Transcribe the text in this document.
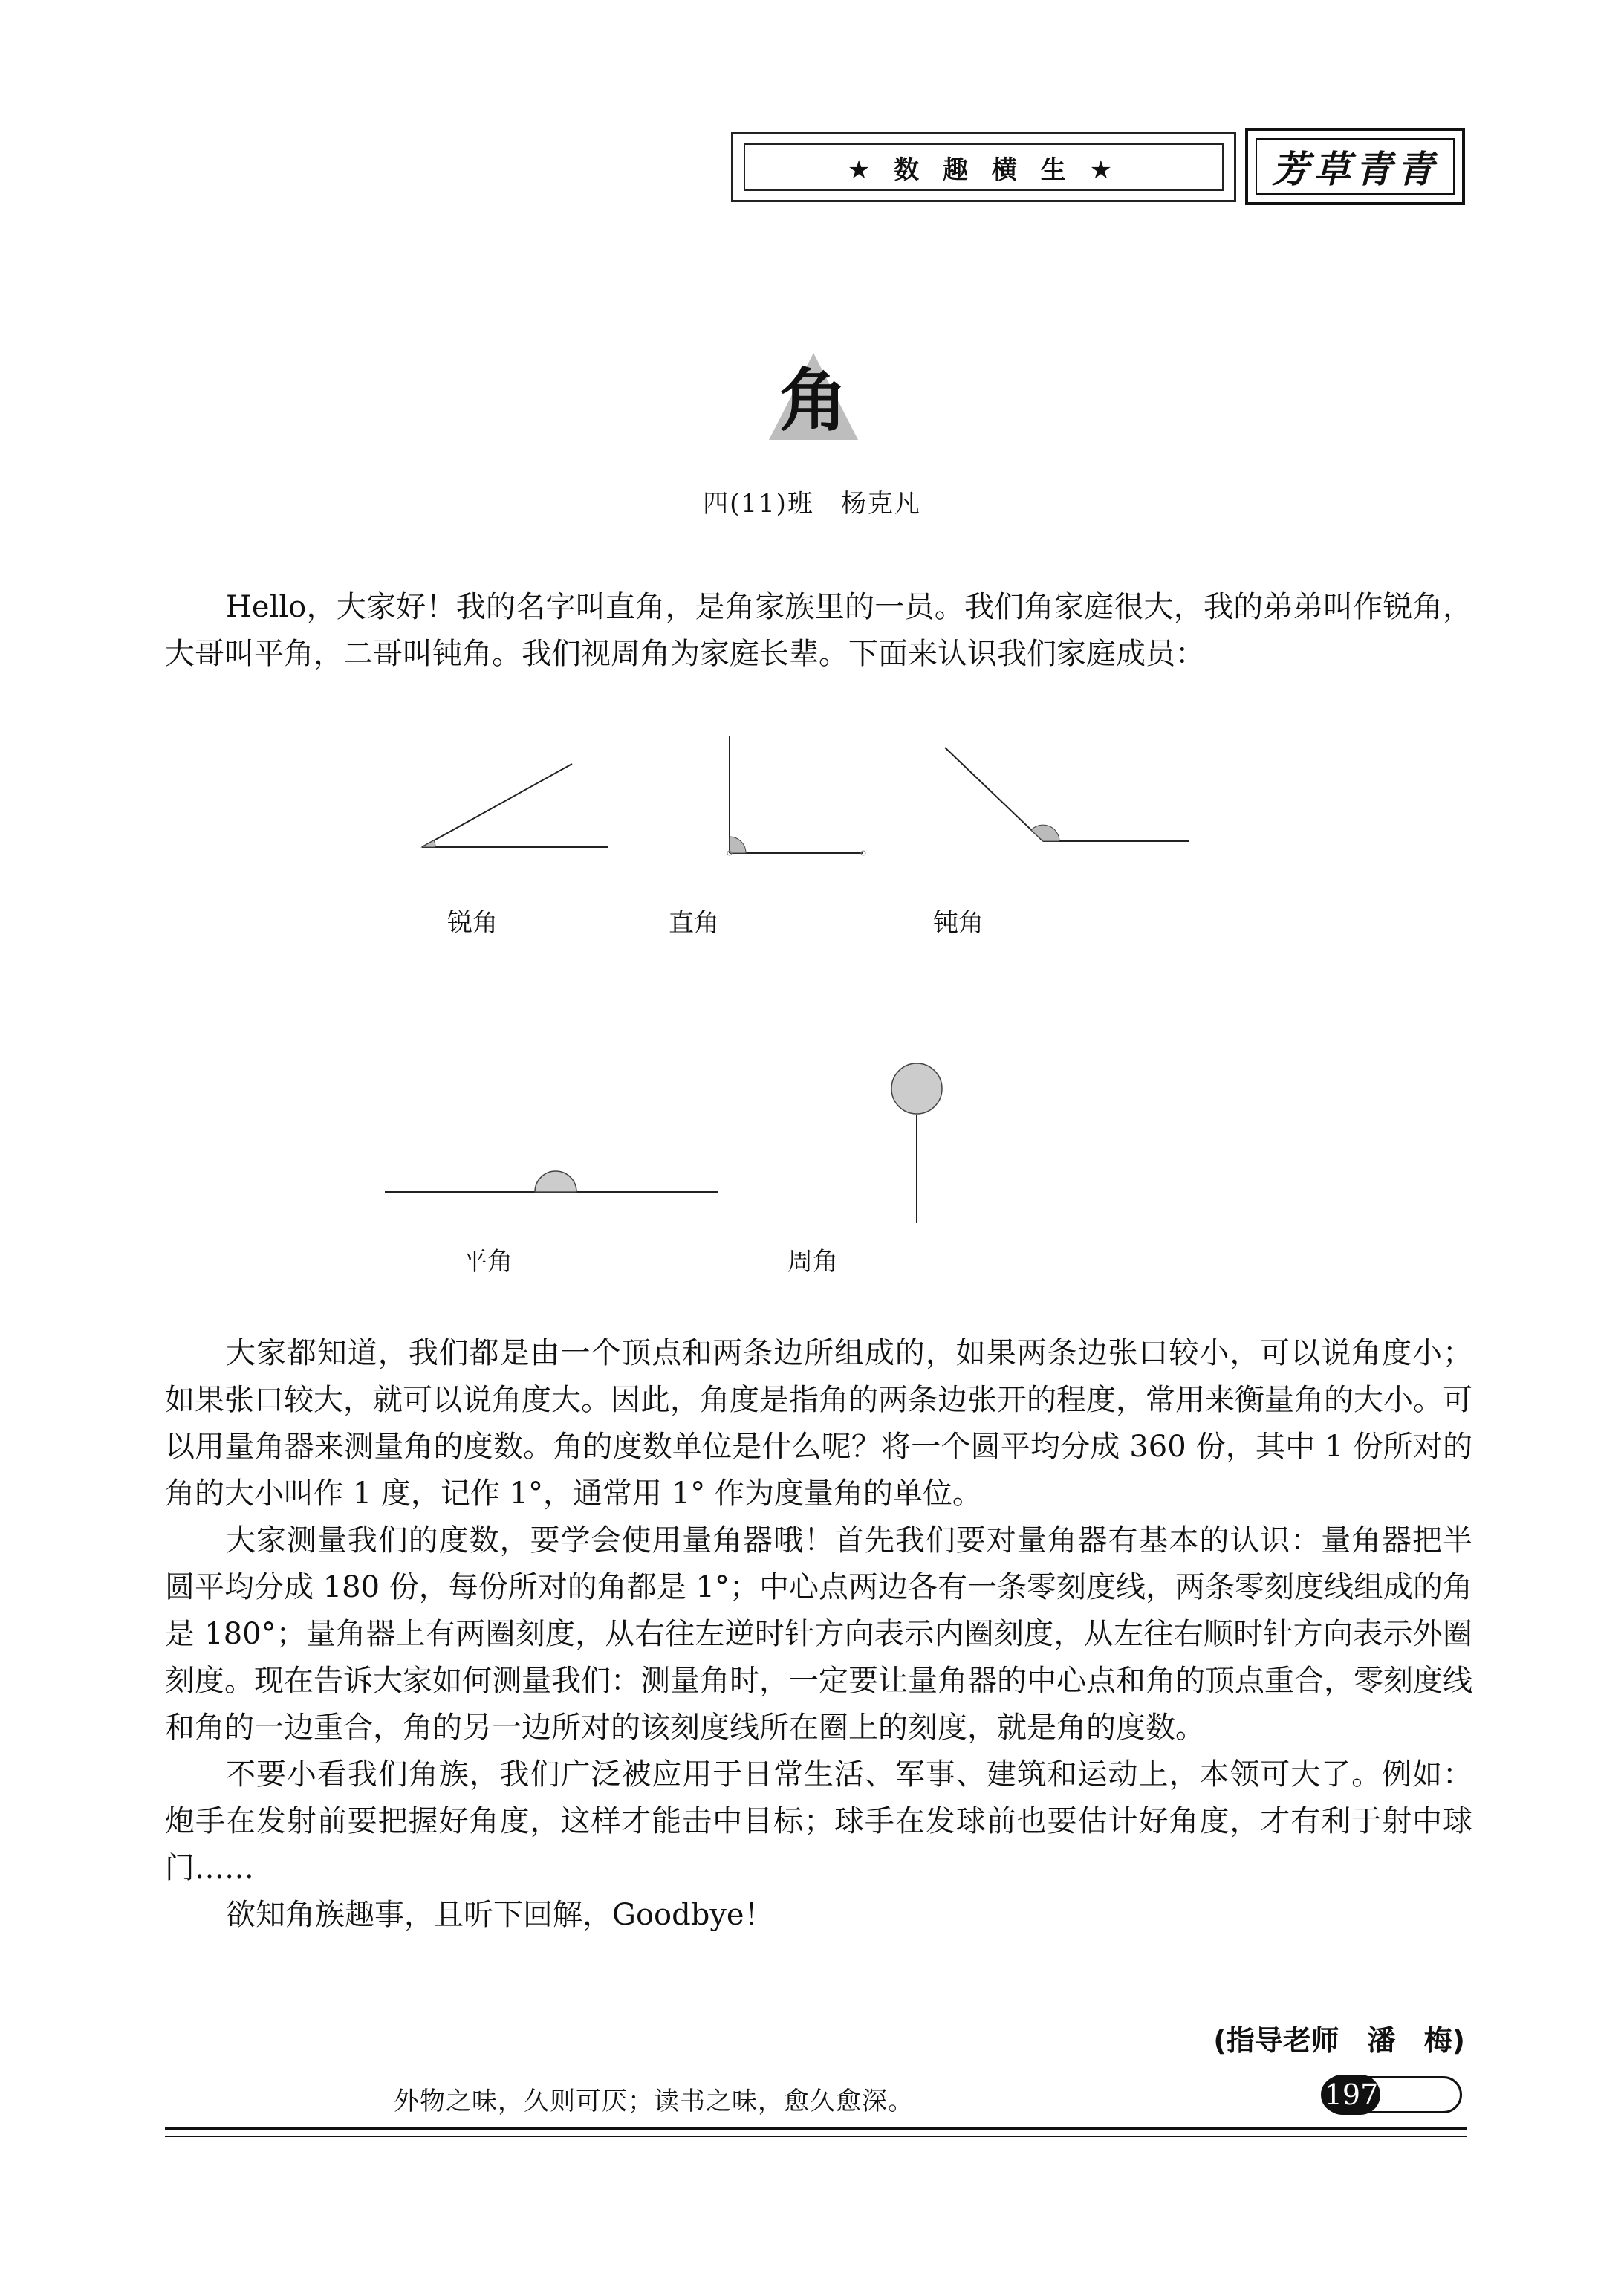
★ 数 趣 横 生 ★	芳草青青
角
四(11)班　杨克凡

Hello，大家好！我的名字叫直角，是角家族里的一员。我们角家庭很大，我的弟弟叫作锐角，大哥叫平角，二哥叫钝角。我们视周角为家庭长辈。下面来认识我们家庭成员：

锐角	直角	钝角
平角	周角

大家都知道，我们都是由一个顶点和两条边所组成的，如果两条边张口较小，可以说角度小；如果张口较大，就可以说角度大。因此，角度是指角的两条边张开的程度，常用来衡量角的大小。可以用量角器来测量角的度数。角的度数单位是什么呢？将一个圆平均分成 360 份，其中 1 份所对的角的大小叫作 1 度，记作 1°，通常用 1° 作为度量角的单位。

大家测量我们的度数，要学会使用量角器哦！首先我们要对量角器有基本的认识：量角器把半圆平均分成 180 份，每份所对的角都是 1°；中心点两边各有一条零刻度线，两条零刻度线组成的角是 180°；量角器上有两圈刻度，从右往左逆时针方向表示内圈刻度，从左往右顺时针方向表示外圈刻度。现在告诉大家如何测量我们：测量角时，一定要让量角器的中心点和角的顶点重合，零刻度线和角的一边重合，角的另一边所对的该刻度线所在圈上的刻度，就是角的度数。

不要小看我们角族，我们广泛被应用于日常生活、军事、建筑和运动上，本领可大了。例如：炮手在发射前要把握好角度，这样才能击中目标；球手在发球前也要估计好角度，才有利于射中球门……

欲知角族趣事，且听下回解，Goodbye！

(指导老师　潘　梅)
外物之味，久则可厌；读书之味，愈久愈深。	197
